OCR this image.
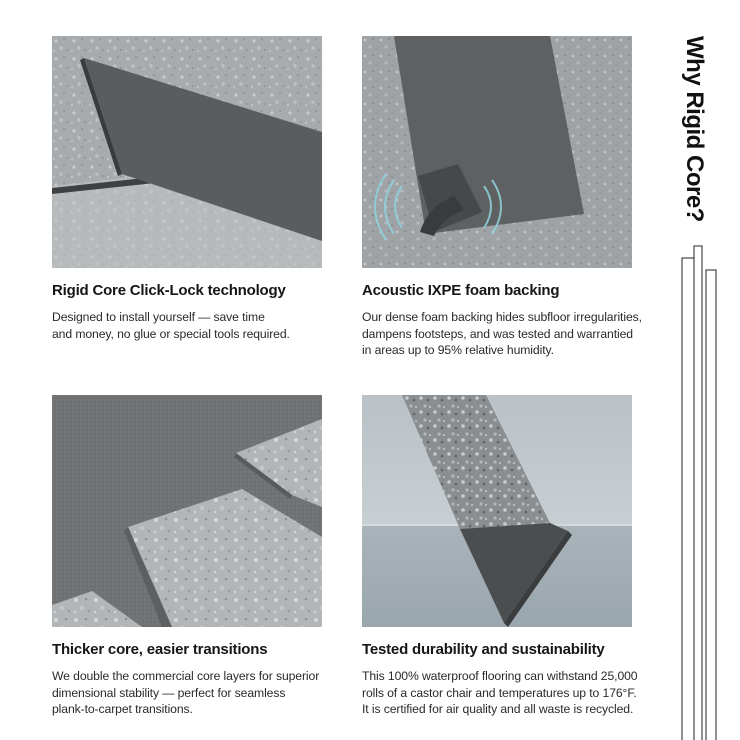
Rigid Core Click-Lock technology
Designed to install yourself — save time
and money, no glue or special tools required.
Acoustic IXPE foam backing
Our dense foam backing hides subfloor irregularities,
dampens footsteps, and was tested and warrantied
in areas up to 95% relative humidity.
Thicker core, easier transitions
We double the commercial core layers for superior
dimensional stability — perfect for seamless
plank-to-carpet transitions.
Tested durability and sustainability
This 100% waterproof flooring can withstand 25,000
rolls of a castor chair and temperatures up to 176°F.
It is certified for air quality and all waste is recycled.
Why Rigid Core?
